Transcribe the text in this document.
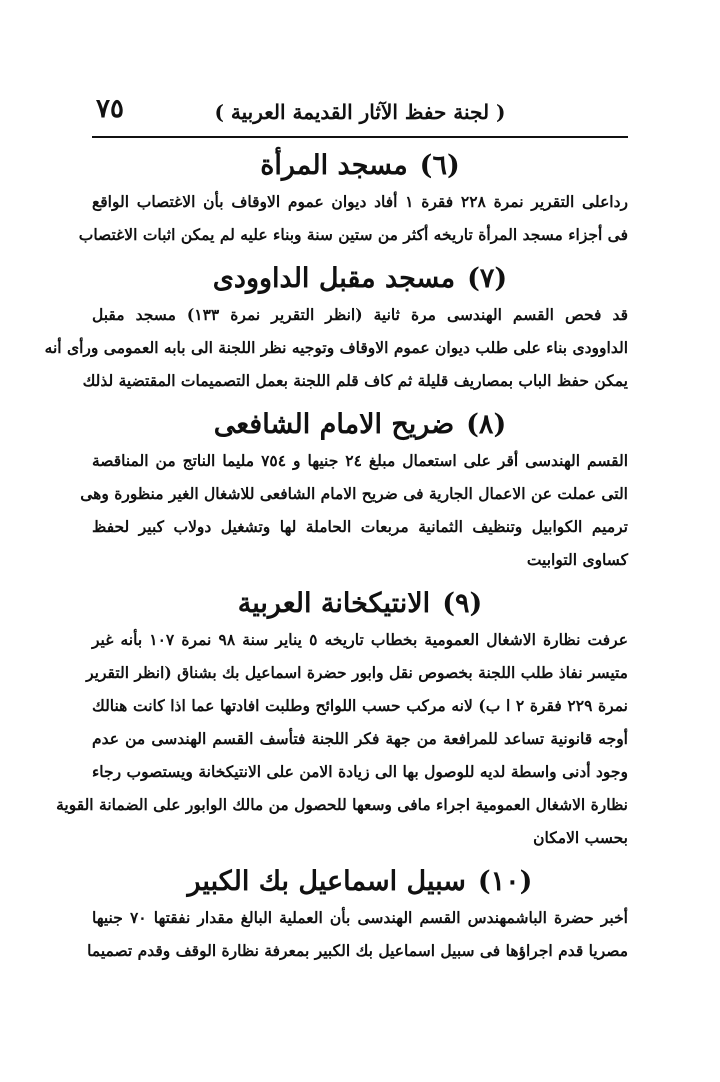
( لجنة حفظ الآثار القديمة العربية )
٧٥
(٦)مسجد المرأة
رداعلى التقرير نمرة ٢٢٨ فقرة ١ أفاد ديوان عموم الاوقاف بأن الاغتصاب الواقع
فى أجزاء مسجد المرأة تاريخه أكثر من ستين سنة وبناء عليه لم يمكن اثبات الاغتصاب
(٧)مسجد مقبل الداوودى
قد فحص القسم الهندسى مرة ثانية (انظر التقرير نمرة ١٣٣) مسجد مقبل
الداوودى بناء على طلب ديوان عموم الاوقاف وتوجيه نظر اللجنة الى بابه العمومى ورأى أنه
يمكن حفظ الباب بمصاريف قليلة ثم كاف قلم اللجنة بعمل التصميمات المقتضية لذلك
(٨)ضريح الامام الشافعى
القسم الهندسى أقر على استعمال مبلغ ٢٤ جنيها و ٧٥٤ مليما الناتج من المناقصة
التى عملت عن الاعمال الجارية فى ضريح الامام الشافعى للاشغال الغير منظورة وهى
ترميم الكوابيل وتنظيف الثمانية مربعات الحاملة لها وتشغيل دولاب كبير لحفظ
كساوى التوابيت
(٩)الانتيكخانة العربية
عرفت نظارة الاشغال العمومية بخطاب تاريخه ٥ يناير سنة ٩٨ نمرة ١٠٧ بأنه غير
متيسر نفاذ طلب اللجنة بخصوص نقل وابور حضرة اسماعيل بك بشناق (انظر التقرير
نمرة ٢٢٩ فقرة ٢ ا ب) لانه مركب حسب اللوائح وطلبت افادتها عما اذا كانت هنالك
أوجه قانونية تساعد للمرافعة من جهة فكر اللجنة فتأسف القسم الهندسى من عدم
وجود أدنى واسطة لديه للوصول بها الى زيادة الامن على الانتيكخانة ويستصوب رجاء
نظارة الاشغال العمومية اجراء مافى وسعها للحصول من مالك الوابور على الضمانة القوية
بحسب الامكان
(١٠)سبيل اسماعيل بك الكبير
أخبر حضرة الباشمهندس القسم الهندسى بأن العملية البالغ مقدار نفقتها ٧٠ جنيها
مصريا قدم اجراؤها فى سبيل اسماعيل بك الكبير بمعرفة نظارة الوقف وقدم تصميما
